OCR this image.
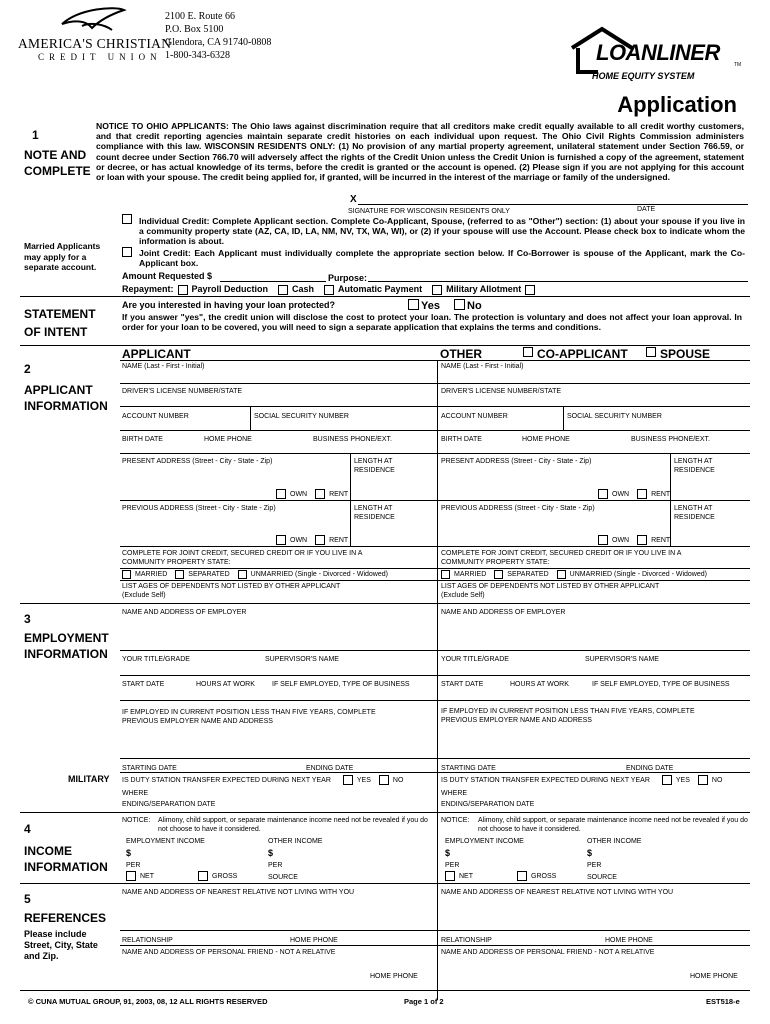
AMERICA'S CHRISTIAN
CREDIT UNION
2100 E. Route 66
P.O. Box 5100
Glendora, CA 91740-0808
1-800-343-6328	LOANLINER	TM
HOME EQUITY SYSTEM
Application
1
NOTE AND
COMPLETE
NOTICE TO OHIO APPLICANTS: The Ohio laws against discrimination require that all creditors make credit equally available to all credit worthy customers, and that credit reporting agencies maintain separate credit histories on each individual upon request. The Ohio Civil Rights Commission administers compliance with this law. WISCONSIN RESIDENTS ONLY: (1) No provision of any martial property agreement, unilateral statement under Section 766.59, or count decree under Section 766.70 will adversely affect the rights of the Credit Union unless the Credit Union is furnished a copy of the agreement, statement or decree, or has actual knowledge of its terms, before the credit is granted or the account is opened. (2) Please sign if you are not applying for this account or loan with your spouse. The credit being applied for, if granted, will be incurred in the interest of the marriage or family of the undersigned.
X
SIGNATURE FOR WISCONSIN RESIDENTS ONLY	DATE
Married Applicants may apply for a separate account.
Individual Credit: Complete Applicant section. Complete Co-Applicant, Spouse, (referred to as "Other") section: (1) about your spouse if you live in a community property state (AZ, CA, ID, LA, NM, NV, TX, WA, WI), or (2) if your spouse will use the Account. Please check box to indicate whom the information is about.
Joint Credit: Each Applicant must individually complete the appropriate section below. If Co-Borrower is spouse of the Applicant, mark the Co-Applicant box.
Amount Requested $	Purpose:
Repayment: Payroll Deduction	Cash	Automatic Payment	Military Allotment
STATEMENT
OF INTENT
Are you interested in having your loan protected?	Yes No
If you answer "yes", the credit union will disclose the cost to protect your loan. The protection is voluntary and does not affect your loan approval. In order for your loan to be covered, you will need to sign a separate application that explains the terms and conditions.
2
APPLICANT
INFORMATION
APPLICANT	OTHER	CO-APPLICANT	SPOUSE
NAME (Last - First - Initial)
DRIVER'S LICENSE NUMBER/STATE
ACCOUNT NUMBER	SOCIAL SECURITY NUMBER
BIRTH DATE	HOME PHONE	BUSINESS PHONE/EXT.
PRESENT ADDRESS (Street - City - State - Zip)	LENGTH AT RESIDENCE
OWN	RENT
PREVIOUS ADDRESS (Street - City - State - Zip)	LENGTH AT RESIDENCE
OWN	RENT
COMPLETE FOR JOINT CREDIT, SECURED CREDIT OR IF YOU LIVE IN A COMMUNITY PROPERTY STATE:
MARRIED	SEPARATED	UNMARRIED (Single - Divorced - Widowed)
LIST AGES OF DEPENDENTS NOT LISTED BY OTHER APPLICANT
(Exclude Self)
NAME (Last - First - Initial)
DRIVER'S LICENSE NUMBER/STATE
ACCOUNT NUMBER	SOCIAL SECURITY NUMBER
BIRTH DATE	HOME PHONE	BUSINESS PHONE/EXT.
PRESENT ADDRESS (Street - City - State - Zip)	LENGTH AT RESIDENCE
OWN	RENT
PREVIOUS ADDRESS (Street - City - State - Zip)	LENGTH AT RESIDENCE
OWN	RENT
COMPLETE FOR JOINT CREDIT, SECURED CREDIT OR IF YOU LIVE IN A COMMUNITY PROPERTY STATE:
MARRIED	SEPARATED	UNMARRIED (Single - Divorced - Widowed)
LIST AGES OF DEPENDENTS NOT LISTED BY OTHER APPLICANT
(Exclude Self)
3
EMPLOYMENT
INFORMATION
MILITARY
NAME AND ADDRESS OF EMPLOYER
YOUR TITLE/GRADE	SUPERVISOR'S NAME
START DATE	HOURS AT WORK IF SELF EMPLOYED, TYPE OF BUSINESS
IF EMPLOYED IN CURRENT POSITION LESS THAN FIVE YEARS, COMPLETE PREVIOUS EMPLOYER NAME AND ADDRESS
STARTING DATE	ENDING DATE
IS DUTY STATION TRANSFER EXPECTED DURING NEXT YEAR	YES	NO
WHERE
ENDING/SEPARATION DATE
NAME AND ADDRESS OF EMPLOYER
YOUR TITLE/GRADE	SUPERVISOR'S NAME
START DATE	HOURS AT WORK	IF SELF EMPLOYED, TYPE OF BUSINESS
IF EMPLOYED IN CURRENT POSITION LESS THAN FIVE YEARS, COMPLETE PREVIOUS EMPLOYER NAME AND ADDRESS
STARTING DATE	ENDING DATE
IS DUTY STATION TRANSFER EXPECTED DURING NEXT YEAR	YES	NO
WHERE
ENDING/SEPARATION DATE
4
INCOME
INFORMATION
NOTICE: Alimony, child support, or separate maintenance income need not be revealed if you do not choose to have it considered.
EMPLOYMENT INCOME	OTHER INCOME
$	$
PER	PER
NET	GROSS	SOURCE
NOTICE: Alimony, child support, or separate maintenance income need not be revealed if you do not choose to have it considered.
EMPLOYMENT INCOME	OTHER INCOME
$	$
PER	PER
NET	GROSS	SOURCE
5
REFERENCES
Please include Street, City, State and Zip.
NAME AND ADDRESS OF NEAREST RELATIVE NOT LIVING WITH YOU
RELATIONSHIP	HOME PHONE
NAME AND ADDRESS OF PERSONAL FRIEND - NOT A RELATIVE
HOME PHONE
NAME AND ADDRESS OF NEAREST RELATIVE NOT LIVING WITH YOU
RELATIONSHIP	HOME PHONE
NAME AND ADDRESS OF PERSONAL FRIEND - NOT A RELATIVE
HOME PHONE
© CUNA MUTUAL GROUP, 91, 2003, 08, 12 ALL RIGHTS RESERVED	Page 1 of 2	EST518-e
